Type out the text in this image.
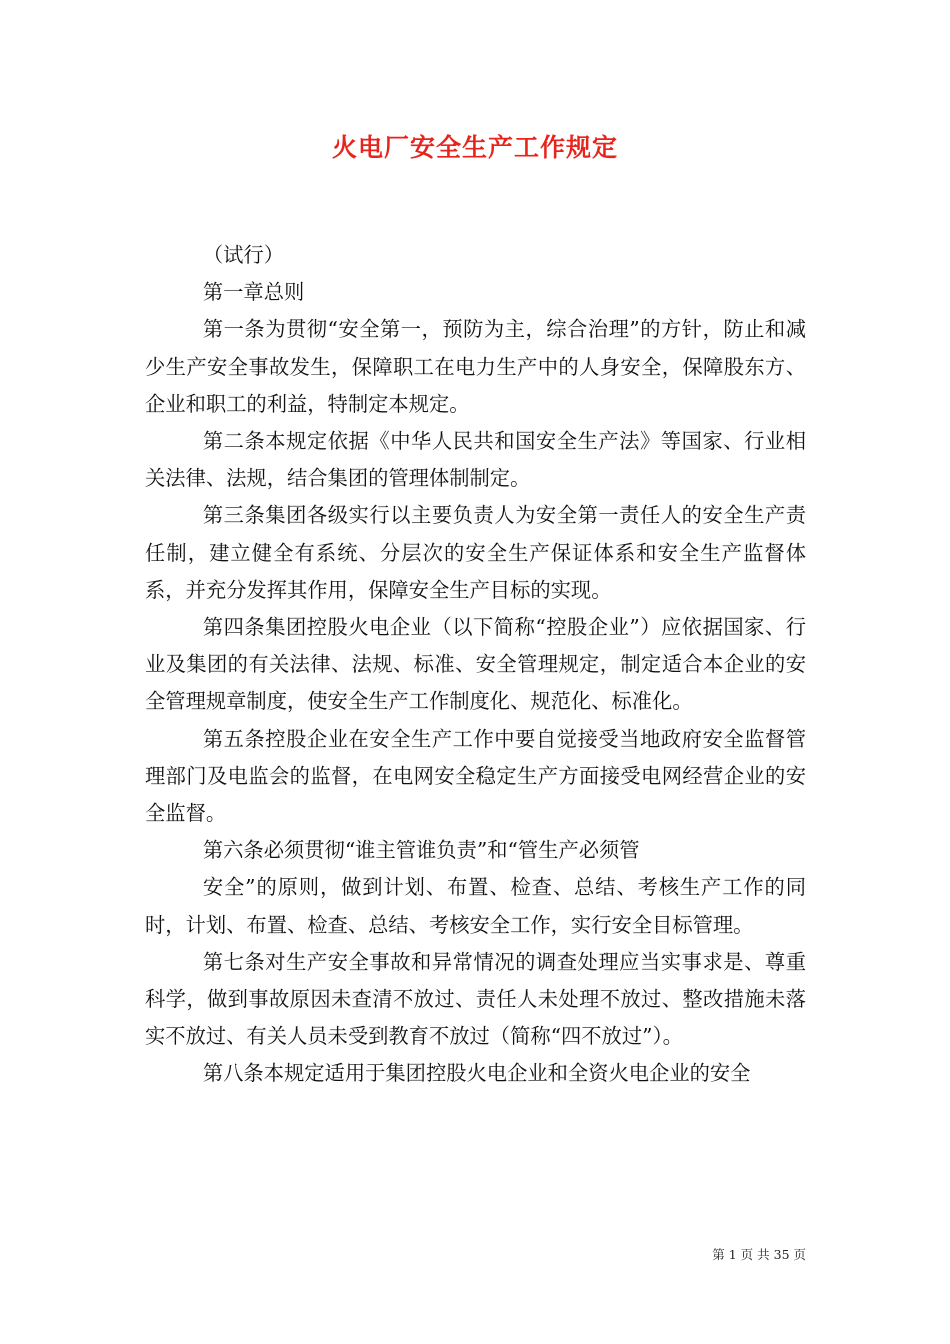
火电厂安全生产工作规定

（试行）

第一章总则

第一条为贯彻“安全第一，预防为主，综合治理”的方针，防止和减少生产安全事故发生，保障职工在电力生产中的人身安全，保障股东方、企业和职工的利益，特制定本规定。

第二条本规定依据《中华人民共和国安全生产法》等国家、行业相关法律、法规，结合集团的管理体制制定。

第三条集团各级实行以主要负责人为安全第一责任人的安全生产责任制，建立健全有系统、分层次的安全生产保证体系和安全生产监督体系，并充分发挥其作用，保障安全生产目标的实现。

第四条集团控股火电企业（以下简称“控股企业”）应依据国家、行业及集团的有关法律、法规、标准、安全管理规定，制定适合本企业的安全管理规章制度，使安全生产工作制度化、规范化、标准化。

第五条控股企业在安全生产工作中要自觉接受当地政府安全监督管理部门及电监会的监督，在电网安全稳定生产方面接受电网经营企业的安全监督。

第六条必须贯彻“谁主管谁负责”和“管生产必须管

安全”的原则，做到计划、布置、检查、总结、考核生产工作的同时，计划、布置、检查、总结、考核安全工作，实行安全目标管理。

第七条对生产安全事故和异常情况的调查处理应当实事求是、尊重科学，做到事故原因未查清不放过、责任人未处理不放过、整改措施未落实不放过、有关人员未受到教育不放过（简称“四不放过”）。

第八条本规定适用于集团控股火电企业和全资火电企业的安全

第 1 页 共 35 页
